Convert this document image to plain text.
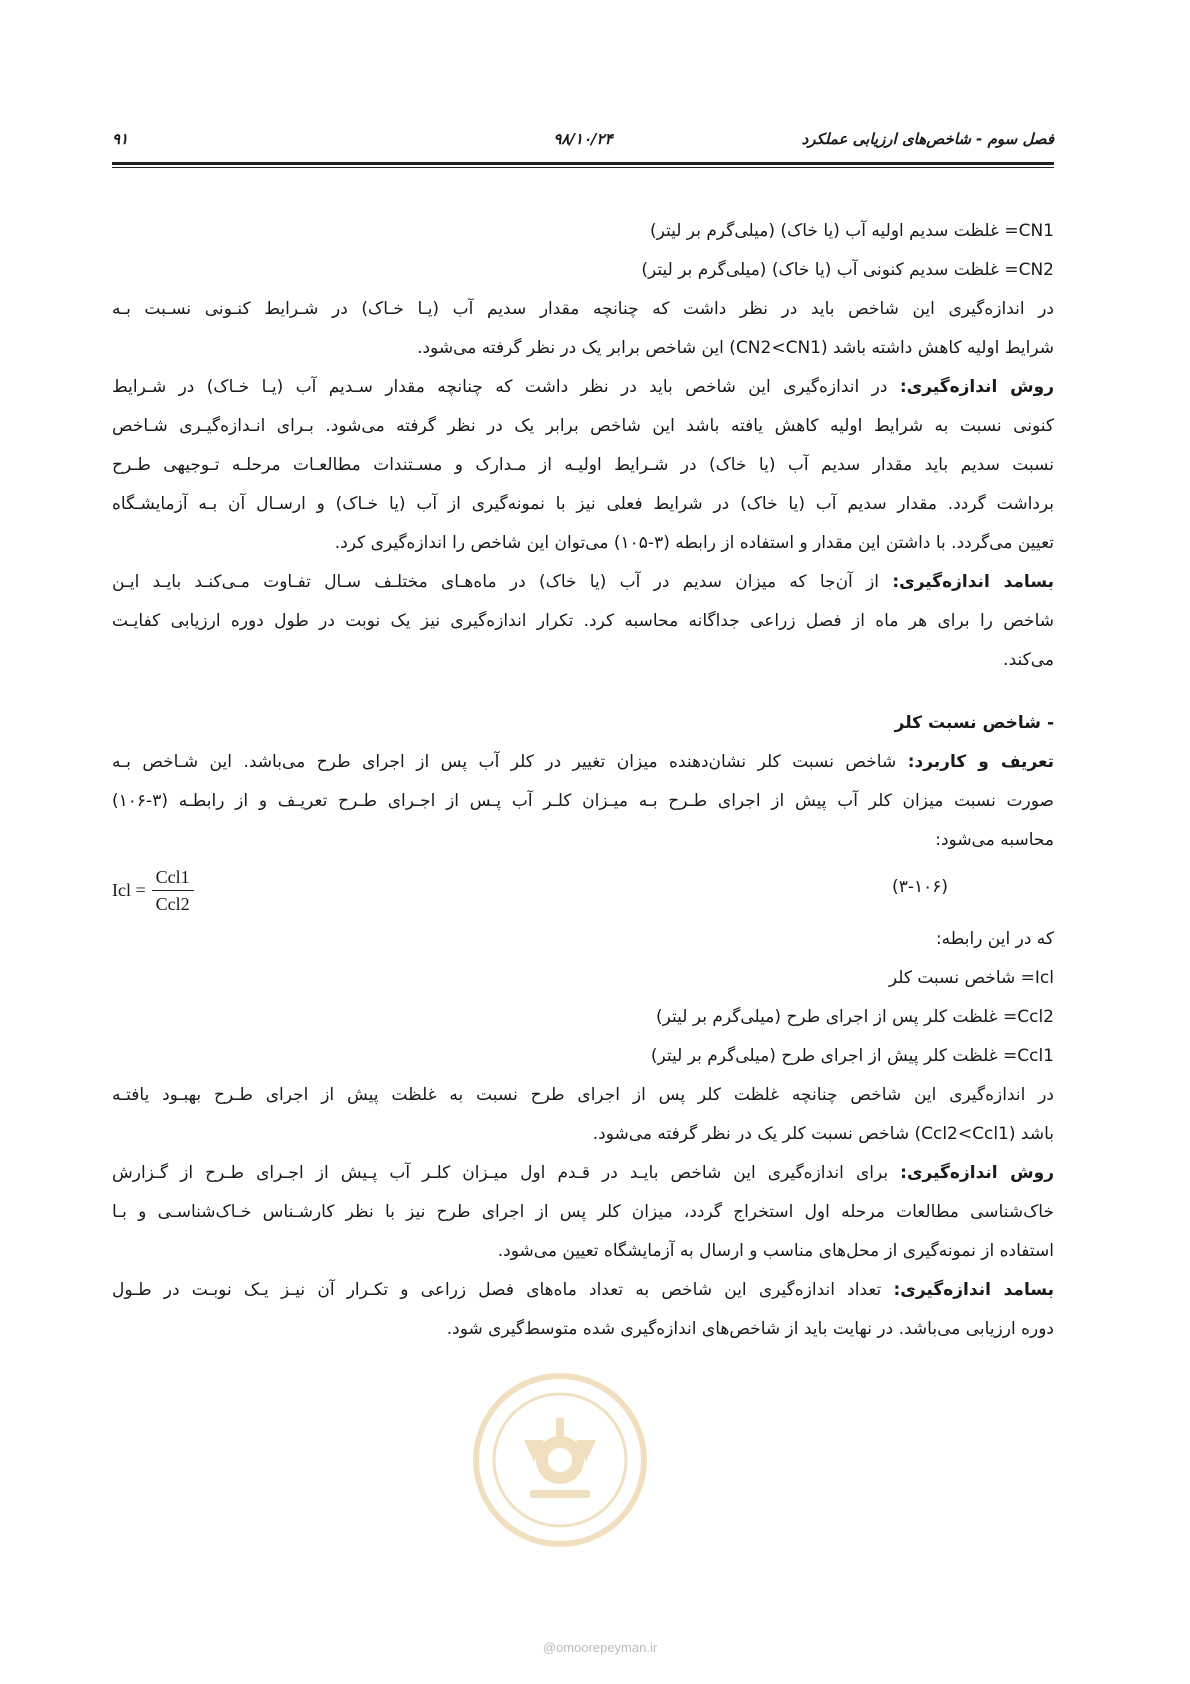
فصل سوم - شاخص‌های ارزیابی عملکرد
۹۸/۱۰/۲۴
۹۱
CN1= غلظت سدیم اولیه آب (یا خاک) (میلی‌گرم بر لیتر)
CN2= غلظت سدیم کنونی آب (یا خاک) (میلی‌گرم بر لیتر)
در اندازه‌گیری این شاخص باید در نظر داشت که چنانچه مقدار سدیم آب (یـا خـاک) در شـرایط کنـونی نسـبت بـه
شرایط اولیه کاهش داشته باشد (CN2<CN1) این شاخص برابر یک در نظر گرفته می‌شود.
روش اندازه‌گیری: در اندازه‌گیری این شاخص باید در نظر داشت که چنانچه مقدار سـدیم آب (یـا خـاک) در شـرایط
کنونی نسبت به شرایط اولیه کاهش یافته باشد این شاخص برابر یک در نظر گرفته می‌شود. بـرای انـدازه‌گیـری شـاخص
نسبت سدیم باید مقدار سدیم آب (یا خاک) در شـرایط اولیـه از مـدارک و مسـتندات مطالعـات مرحلـه تـوجیهی طـرح
برداشت گردد. مقدار سدیم آب (یا خاک) در شرایط فعلی نیز با نمونه‌گیری از آب (یا خـاک) و ارسـال آن بـه آزمایشـگاه
تعیین می‌گردد. با داشتن این مقدار و استفاده از رابطه (۳-۱۰۵) می‌توان این شاخص را اندازه‌گیری کرد.
بسامد اندازه‌گیری: از آن‌جا که میزان سدیم در آب (یا خاک) در ماه‌هـای مختلـف سـال تفـاوت مـی‌کنـد بایـد ایـن
شاخص را برای هر ماه از فصل زراعی جداگانه محاسبه کرد. تکرار اندازه‌گیری نیز یک نوبت در طول دوره ارزیابی کفایـت
می‌کند.
- شاخص نسبت کلر
تعریف و کاربرد: شاخص نسبت کلر نشان‌دهنده میزان تغییر در کلر آب پس از اجرای طرح می‌باشد. این شـاخص بـه
صورت نسبت میزان کلر آب پیش از اجرای طـرح بـه میـزان کلـر آب پـس از اجـرای طـرح تعریـف و از رابطـه (۳-۱۰۶)
محاسبه می‌شود:
(۳-۱۰۶)
Icl = $\frac{\text{Ccl1}}{\text{Ccl2}}$
که در این رابطه:
Icl= شاخص نسبت کلر
Ccl2= غلظت کلر پس از اجرای طرح (میلی‌گرم بر لیتر)
Ccl1= غلظت کلر پیش از اجرای طرح (میلی‌گرم بر لیتر)
در اندازه‌گیری این شاخص چنانچه غلظت کلر پس از اجرای طرح نسبت به غلظت پیش از اجرای طـرح بهبـود یافتـه
باشد (Ccl2<Ccl1) شاخص نسبت کلر یک در نظر گرفته می‌شود.
روش اندازه‌گیری: برای اندازه‌گیری این شاخص بایـد در قـدم اول میـزان کلـر آب پـیش از اجـرای طـرح از گـزارش
خاک‌شناسی مطالعات مرحله اول استخراج گردد، میزان کلر پس از اجرای طرح نیز با نظر کارشـناس خـاک‌شناسـی و بـا
استفاده از نمونه‌گیری از محل‌های مناسب و ارسال به آزمایشگاه تعیین می‌شود.
بسامد اندازه‌گیری: تعداد اندازه‌گیری این شاخص به تعداد ماه‌های فصل زراعی و تکـرار آن نیـز یـک نوبـت در طـول
دوره ارزیابی می‌باشد. در نهایت باید از شاخص‌های اندازه‌گیری شده متوسط‌گیری شود.
@omoorepeyman.ir
